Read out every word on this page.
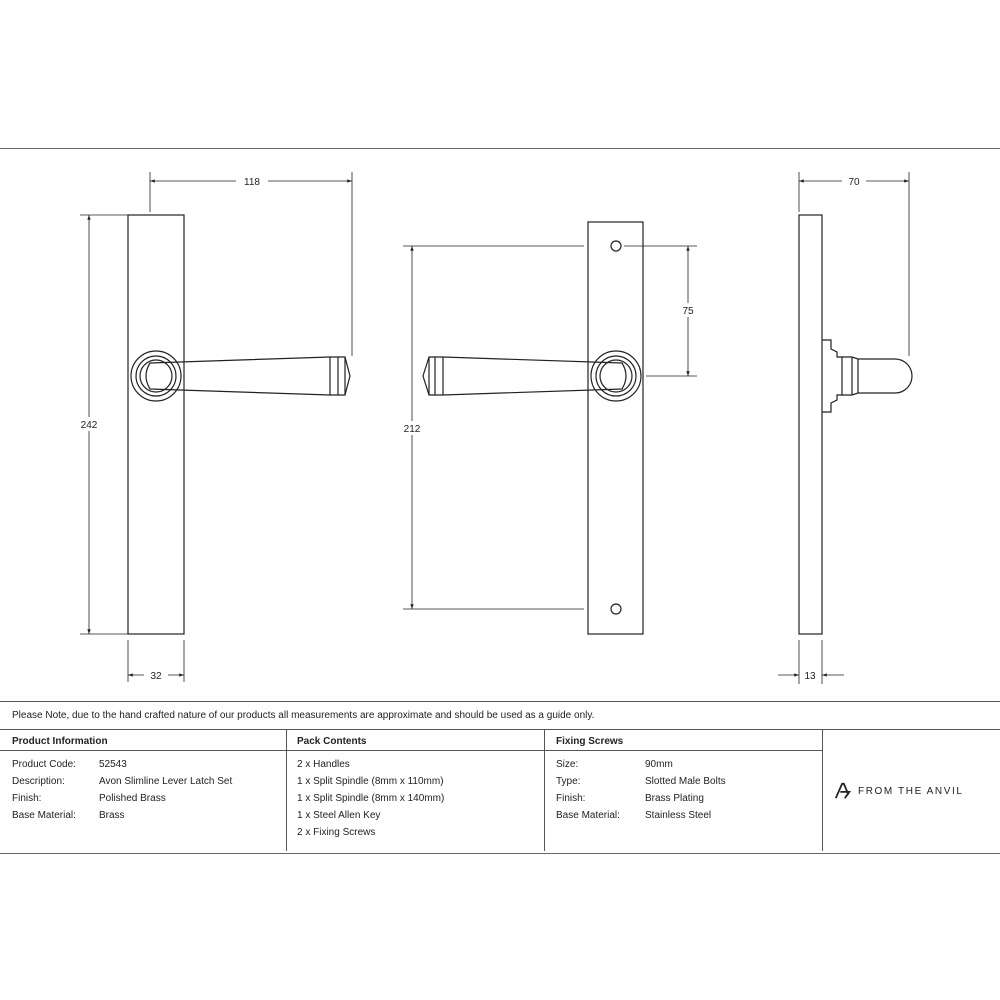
118
242
32
212
75
70
13
Please Note, due to the hand crafted nature of our products all measurements are approximate and should be used as a guide only.
Product Information
Product Code: 52543
Description:	Avon Slimline Lever Latch Set
Finish:	Polished Brass
Base Material: Brass
Pack Contents
2 x Handles
1 x Split Spindle (8mm x 110mm)
1 x Split Spindle (8mm x 140mm)
1 x Steel Allen Key
2 x Fixing Screws
Fixing Screws
Size:	90mm
Type:	Slotted Male Bolts
Finish:	Brass Plating
Base Material:	Stainless Steel
FROM THE ANVIL
